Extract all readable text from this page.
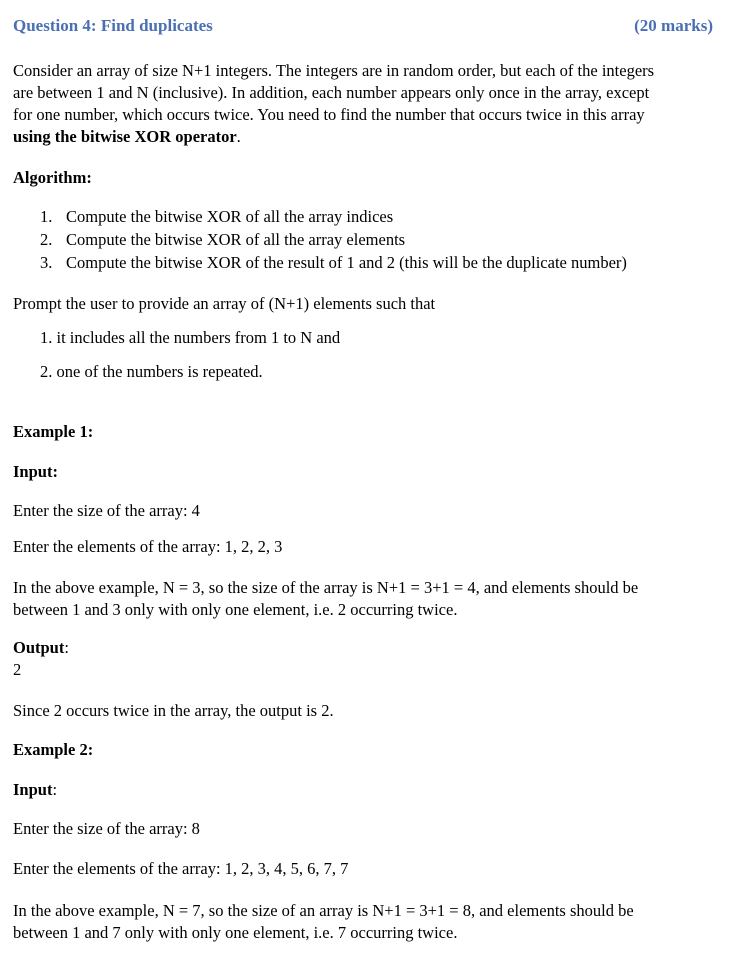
Question 4: Find duplicates	(20 marks)
Consider an array of size N+1 integers. The integers are in random order, but each of the integers
are between 1 and N (inclusive). In addition, each number appears only once in the array, except
for one number, which occurs twice. You need to find the number that occurs twice in this array
using the bitwise XOR operator.
Algorithm:
1. Compute the bitwise XOR of all the array indices
2. Compute the bitwise XOR of all the array elements
3. Compute the bitwise XOR of the result of 1 and 2 (this will be the duplicate number)
Prompt the user to provide an array of (N+1) elements such that
1. it includes all the numbers from 1 to N and
2. one of the numbers is repeated.
Example 1:
Input:
Enter the size of the array: 4
Enter the elements of the array: 1, 2, 2, 3
In the above example, N = 3, so the size of the array is N+1 = 3+1 = 4, and elements should be
between 1 and 3 only with only one element, i.e. 2 occurring twice.
Output:
2
Since 2 occurs twice in the array, the output is 2.
Example 2:
Input:
Enter the size of the array: 8
Enter the elements of the array: 1, 2, 3, 4, 5, 6, 7, 7
In the above example, N = 7, so the size of an array is N+1 = 3+1 = 8, and elements should be
between 1 and 7 only with only one element, i.e. 7 occurring twice.
